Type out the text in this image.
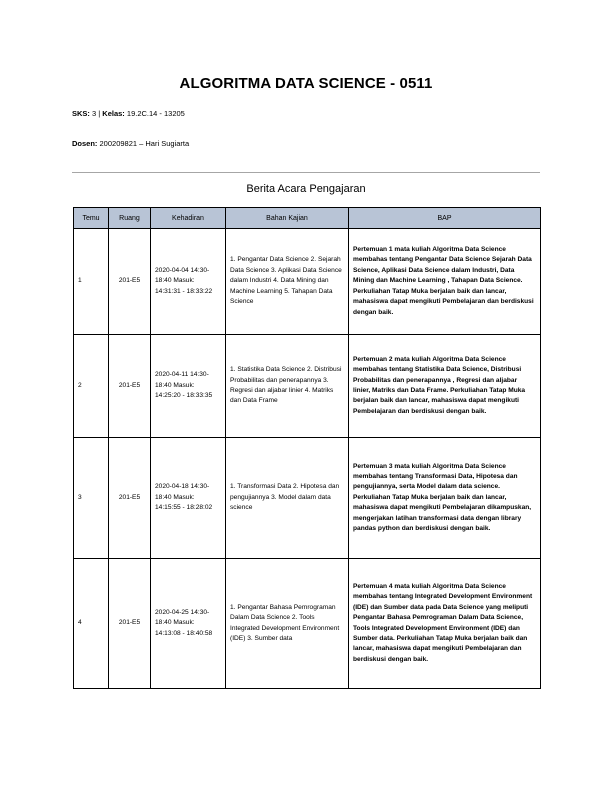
ALGORITMA DATA SCIENCE - 0511
SKS: 3 | Kelas: 19.2C.14 - 13205
Dosen: 200209821 – Hari Sugiarta
Berita Acara Pengajaran
Temu	Ruang	Kehadiran	Bahan Kajian	BAP
1	201-E5	2020-04-04 14:30-18:40 Masuk: 14:31:31 - 18:33:22	1. Pengantar Data Science 2. Sejarah Data Science 3. Aplikasi Data Science dalam Industri 4. Data Mining dan Machine Learning 5. Tahapan Data Science	Pertemuan 1 mata kuliah Algoritma Data Science membahas tentang Pengantar Data Science Sejarah Data Science, Aplikasi Data Science dalam Industri, Data Mining dan Machine Learning , Tahapan Data Science. Perkuliahan Tatap Muka berjalan baik dan lancar, mahasiswa dapat mengikuti Pembelajaran dan berdiskusi dengan baik.
2	201-E5	2020-04-11 14:30-18:40 Masuk: 14:25:20 - 18:33:35	1. Statistika Data Science 2. Distribusi Probabilitas dan penerapannya 3. Regresi dan aljabar linier 4. Matriks dan Data Frame	Pertemuan 2 mata kuliah Algoritma Data Science membahas tentang Statistika Data Science, Distribusi Probabilitas dan penerapannya , Regresi dan aljabar linier, Matriks dan Data Frame. Perkuliahan Tatap Muka berjalan baik dan lancar, mahasiswa dapat mengikuti Pembelajaran dan berdiskusi dengan baik.
3	201-E5	2020-04-18 14:30-18:40 Masuk: 14:15:55 - 18:28:02	1. Transformasi Data 2. Hipotesa dan pengujiannya 3. Model dalam data science	Pertemuan 3 mata kuliah Algoritma Data Science membahas tentang Transformasi Data, Hipotesa dan pengujiannya, serta Model dalam data science. Perkuliahan Tatap Muka berjalan baik dan lancar, mahasiswa dapat mengikuti Pembelajaran dikampuskan, mengerjakan latihan transformasi data dengan library pandas python dan berdiskusi dengan baik.
4	201-E5	2020-04-25 14:30-18:40 Masuk: 14:13:08 - 18:40:58	1. Pengantar Bahasa Pemrograman Dalam Data Science 2. Tools Integrated Development Environment (IDE) 3. Sumber data	Pertemuan 4 mata kuliah Algoritma Data Science membahas tentang Integrated Development Environment (IDE) dan Sumber data pada Data Science yang meliputi Pengantar Bahasa Pemrograman Dalam Data Science, Tools Integrated Development Environment (IDE) dan Sumber data. Perkuliahan Tatap Muka berjalan baik dan lancar, mahasiswa dapat mengikuti Pembelajaran dan berdiskusi dengan baik.
